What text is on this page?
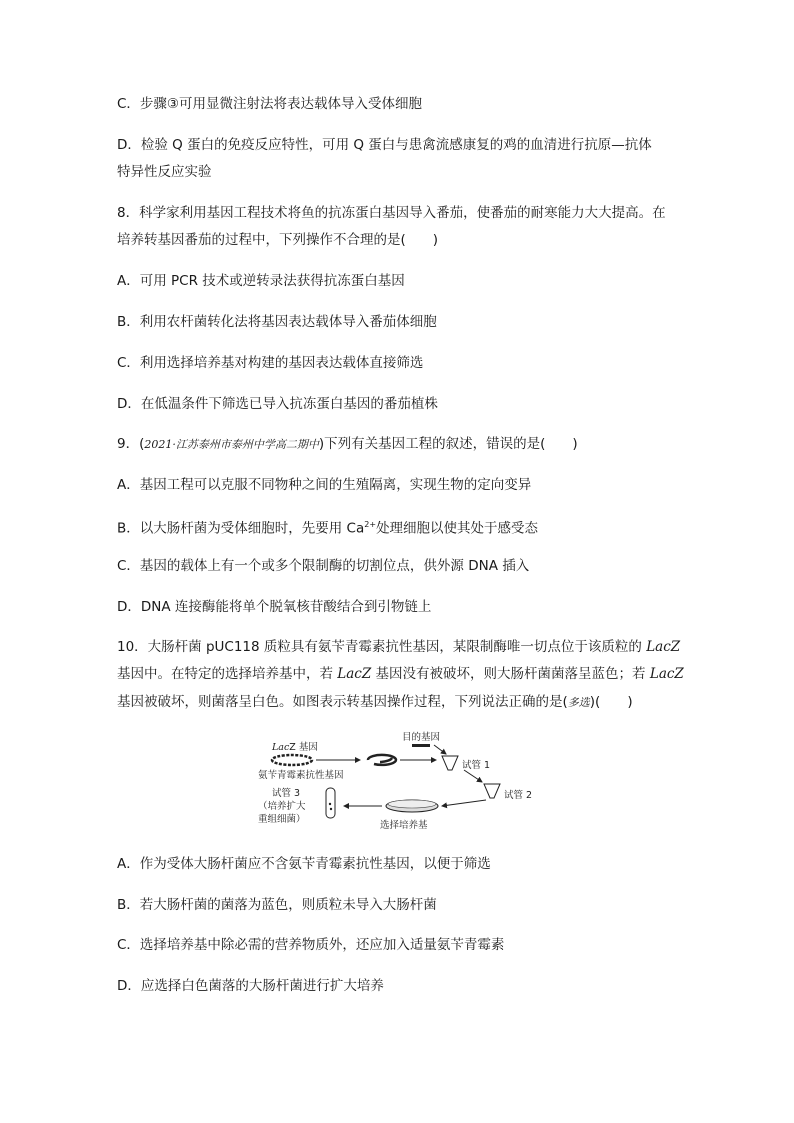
C．步骤③可用显微注射法将表达载体导入受体细胞
D．检验 Q 蛋白的免疫反应特性，可用 Q 蛋白与患禽流感康复的鸡的血清进行抗原—抗体
特异性反应实验
8．科学家利用基因工程技术将鱼的抗冻蛋白基因导入番茄，使番茄的耐寒能力大大提高。在
培养转基因番茄的过程中，下列操作不合理的是(　　)
A．可用 PCR 技术或逆转录法获得抗冻蛋白基因
B．利用农杆菌转化法将基因表达载体导入番茄体细胞
C．利用选择培养基对构建的基因表达载体直接筛选
D．在低温条件下筛选已导入抗冻蛋白基因的番茄植株
9．(2021·江苏泰州市泰州中学高二期中)下列有关基因工程的叙述，错误的是(　　)
A．基因工程可以克服不同物种之间的生殖隔离，实现生物的定向变异
B．以大肠杆菌为受体细胞时，先要用 $Ca^{2+}$处理细胞以使其处于感受态
C．基因的载体上有一个或多个限制酶的切割位点，供外源 DNA 插入
D．DNA 连接酶能将单个脱氧核苷酸结合到引物链上
10．大肠杆菌 pUC118 质粒具有氨苄青霉素抗性基因，某限制酶唯一切点位于该质粒的 LacZ
基因中。在特定的选择培养基中，若 LacZ 基因没有被破坏，则大肠杆菌菌落呈蓝色；若 LacZ
基因被破坏，则菌落呈白色。如图表示转基因操作过程，下列说法正确的是(多选)(　　)
LacZ 基因
氨苄青霉素抗性基因
目的基因
试管 1
试管 2
选择培养基
试管 3
（培养扩大
重组细菌）
A．作为受体大肠杆菌应不含氨苄青霉素抗性基因，以便于筛选
B．若大肠杆菌的菌落为蓝色，则质粒未导入大肠杆菌
C．选择培养基中除必需的营养物质外，还应加入适量氨苄青霉素
D．应选择白色菌落的大肠杆菌进行扩大培养
